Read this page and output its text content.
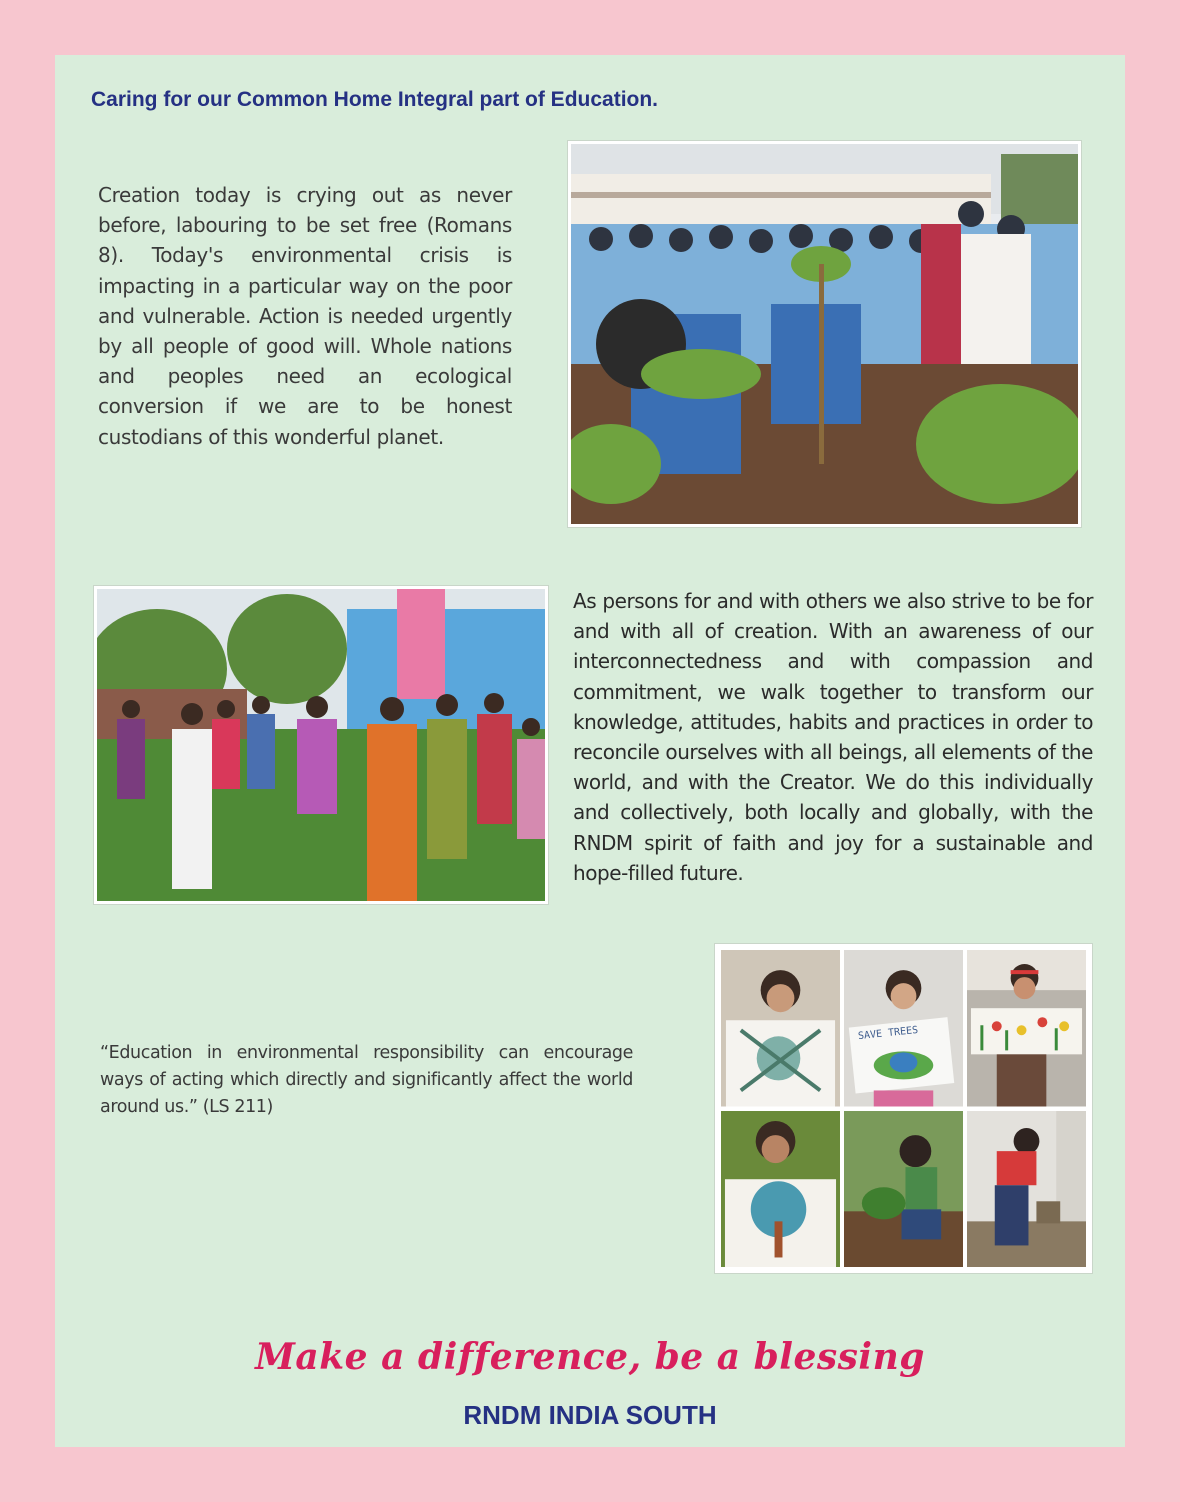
Caring for our Common Home Integral part of Education.

Creation today is crying out as never before, labouring to be set free (Romans 8). Today's environmental crisis is impacting in a particular way on the poor and vulnerable. Action is needed urgently by all people of good will. Whole nations and peoples need an ecological conversion if we are to be honest custodians of this wonderful planet.

SAVE TREES

As persons for and with others we also strive to be for and with all of creation. With an awareness of our interconnectedness and with compassion and commitment, we walk together to transform our knowledge, attitudes, habits and practices in order to reconcile ourselves with all beings, all elements of the world, and with the Creator. We do this individually and collectively, both locally and globally, with the RNDM spirit of faith and joy for a sustainable and hope-filled future.

“Education in environmental responsibility can encourage ways of acting which directly and significantly affect the world around us.” (LS 211)

Make a difference, be a blessing
RNDM INDIA SOUTH
